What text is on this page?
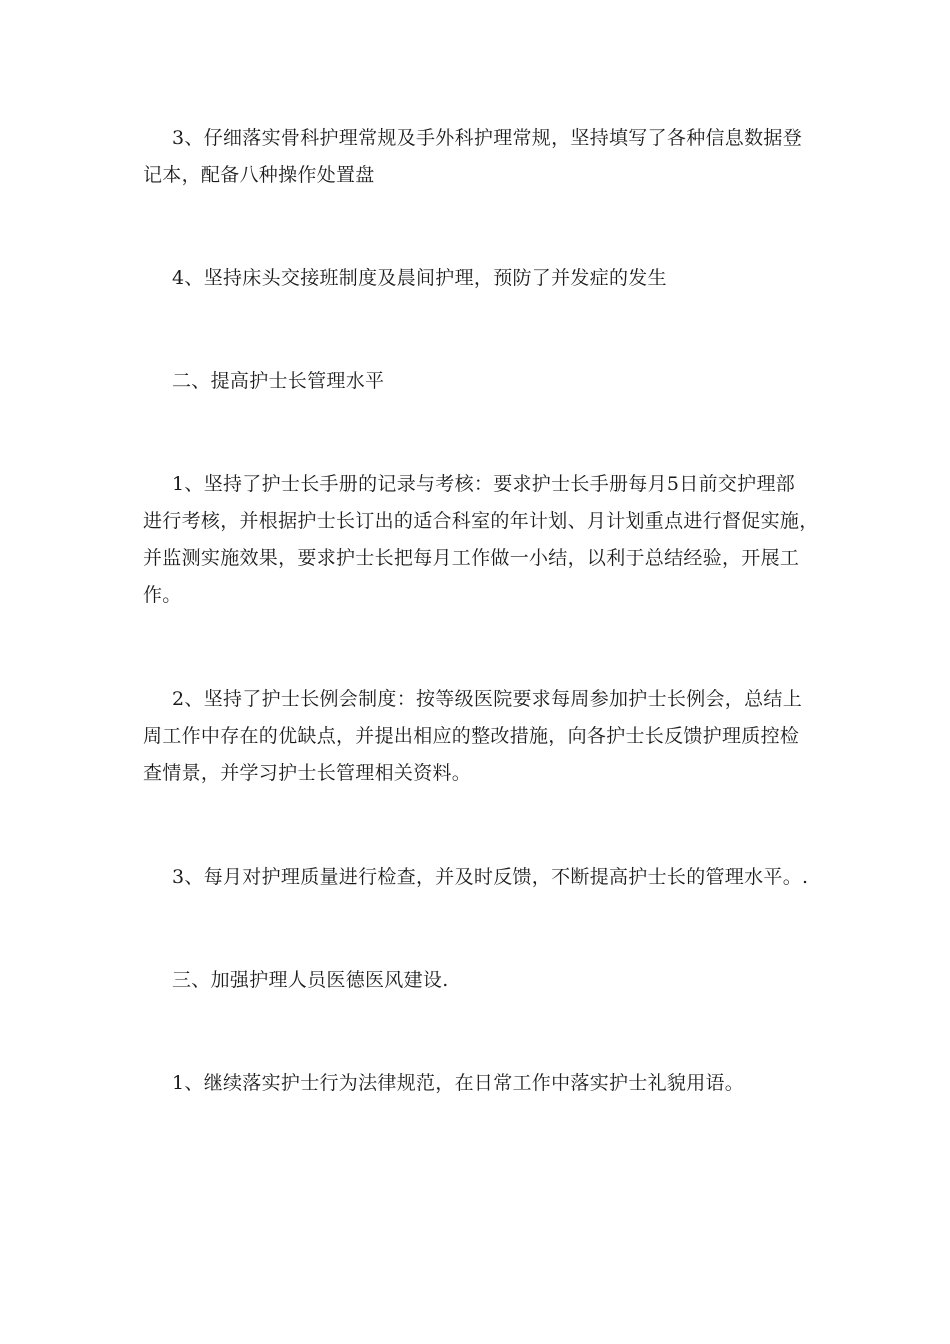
3、仔细落实骨科护理常规及手外科护理常规，坚持填写了各种信息数据登
记本，配备八种操作处置盘

4、坚持床头交接班制度及晨间护理，预防了并发症的发生

二、提高护士长管理水平

1、坚持了护士长手册的记录与考核：要求护士长手册每月5日前交护理部
进行考核，并根据护士长订出的适合科室的年计划、月计划重点进行督促实施，
并监测实施效果，要求护士长把每月工作做一小结，以利于总结经验，开展工
作。

2、坚持了护士长例会制度：按等级医院要求每周参加护士长例会，总结上
周工作中存在的优缺点，并提出相应的整改措施，向各护士长反馈护理质控检
查情景，并学习护士长管理相关资料。

3、每月对护理质量进行检查，并及时反馈，不断提高护士长的管理水平。.

三、加强护理人员医德医风建设.

1、继续落实护士行为法律规范，在日常工作中落实护士礼貌用语。
